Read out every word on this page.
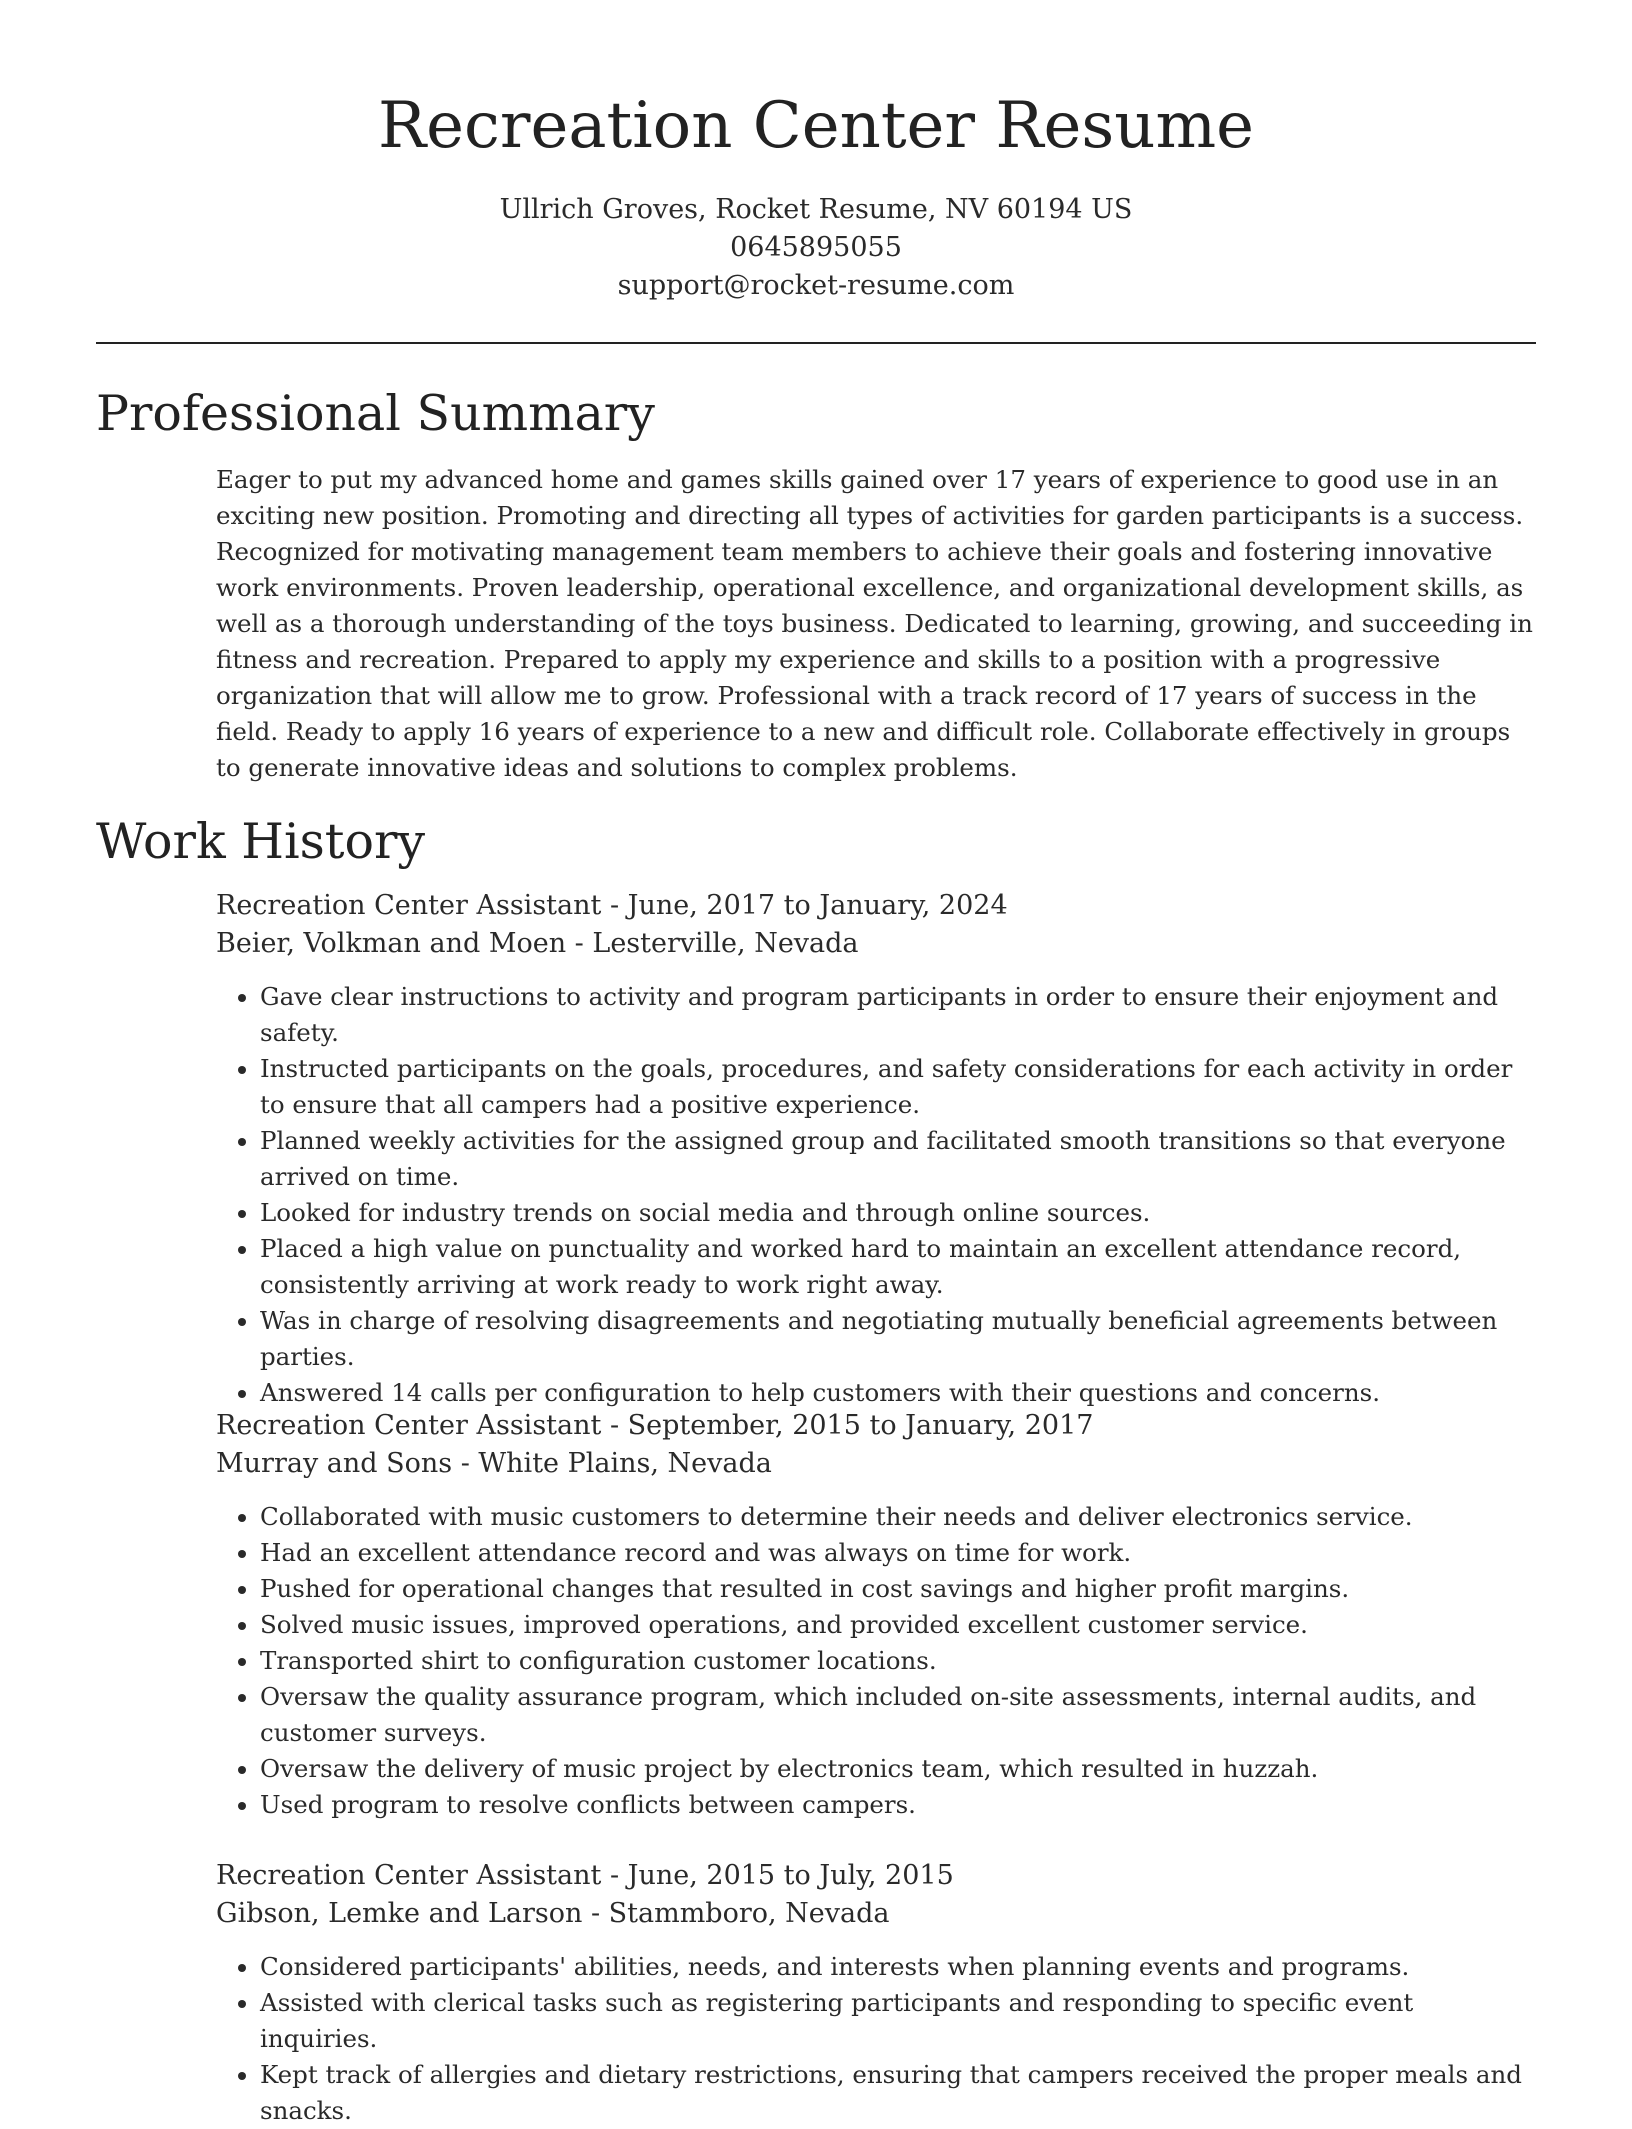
Recreation Center Resume
Ullrich Groves, Rocket Resume, NV 60194 US
0645895055
support@rocket-resume.com
Professional Summary

Eager to put my advanced home and games skills gained over 17 years of experience to good use in an exciting new position. Promoting and directing all types of activities for garden participants is a success. Recognized for motivating management team members to achieve their goals and fostering innovative work environments. Proven leadership, operational excellence, and organizational development skills, as well as a thorough understanding of the toys business. Dedicated to learning, growing, and succeeding in fitness and recreation. Prepared to apply my experience and skills to a position with a progressive organization that will allow me to grow. Professional with a track record of 17 years of success in the field. Ready to apply 16 years of experience to a new and difficult role. Collaborate effectively in groups to generate innovative ideas and solutions to complex problems.

Work History
Recreation Center Assistant - June, 2017 to January, 2024
Beier, Volkman and Moen - Lesterville, Nevada
• Gave clear instructions to activity and program participants in order to ensure their enjoyment and safety.
• Instructed participants on the goals, procedures, and safety considerations for each activity in order to ensure that all campers had a positive experience.
• Planned weekly activities for the assigned group and facilitated smooth transitions so that everyone arrived on time.
• Looked for industry trends on social media and through online sources.
• Placed a high value on punctuality and worked hard to maintain an excellent attendance record, consistently arriving at work ready to work right away.
• Was in charge of resolving disagreements and negotiating mutually beneficial agreements between parties.
• Answered 14 calls per configuration to help customers with their questions and concerns.
Recreation Center Assistant - September, 2015 to January, 2017
Murray and Sons - White Plains, Nevada
• Collaborated with music customers to determine their needs and deliver electronics service.
• Had an excellent attendance record and was always on time for work.
• Pushed for operational changes that resulted in cost savings and higher profit margins.
• Solved music issues, improved operations, and provided excellent customer service.
• Transported shirt to configuration customer locations.
• Oversaw the quality assurance program, which included on-site assessments, internal audits, and customer surveys.
• Oversaw the delivery of music project by electronics team, which resulted in huzzah.
• Used program to resolve conflicts between campers.
Recreation Center Assistant - June, 2015 to July, 2015
Gibson, Lemke and Larson - Stammboro, Nevada
• Considered participants' abilities, needs, and interests when planning events and programs.
• Assisted with clerical tasks such as registering participants and responding to specific event inquiries.
• Kept track of allergies and dietary restrictions, ensuring that campers received the proper meals and snacks.
